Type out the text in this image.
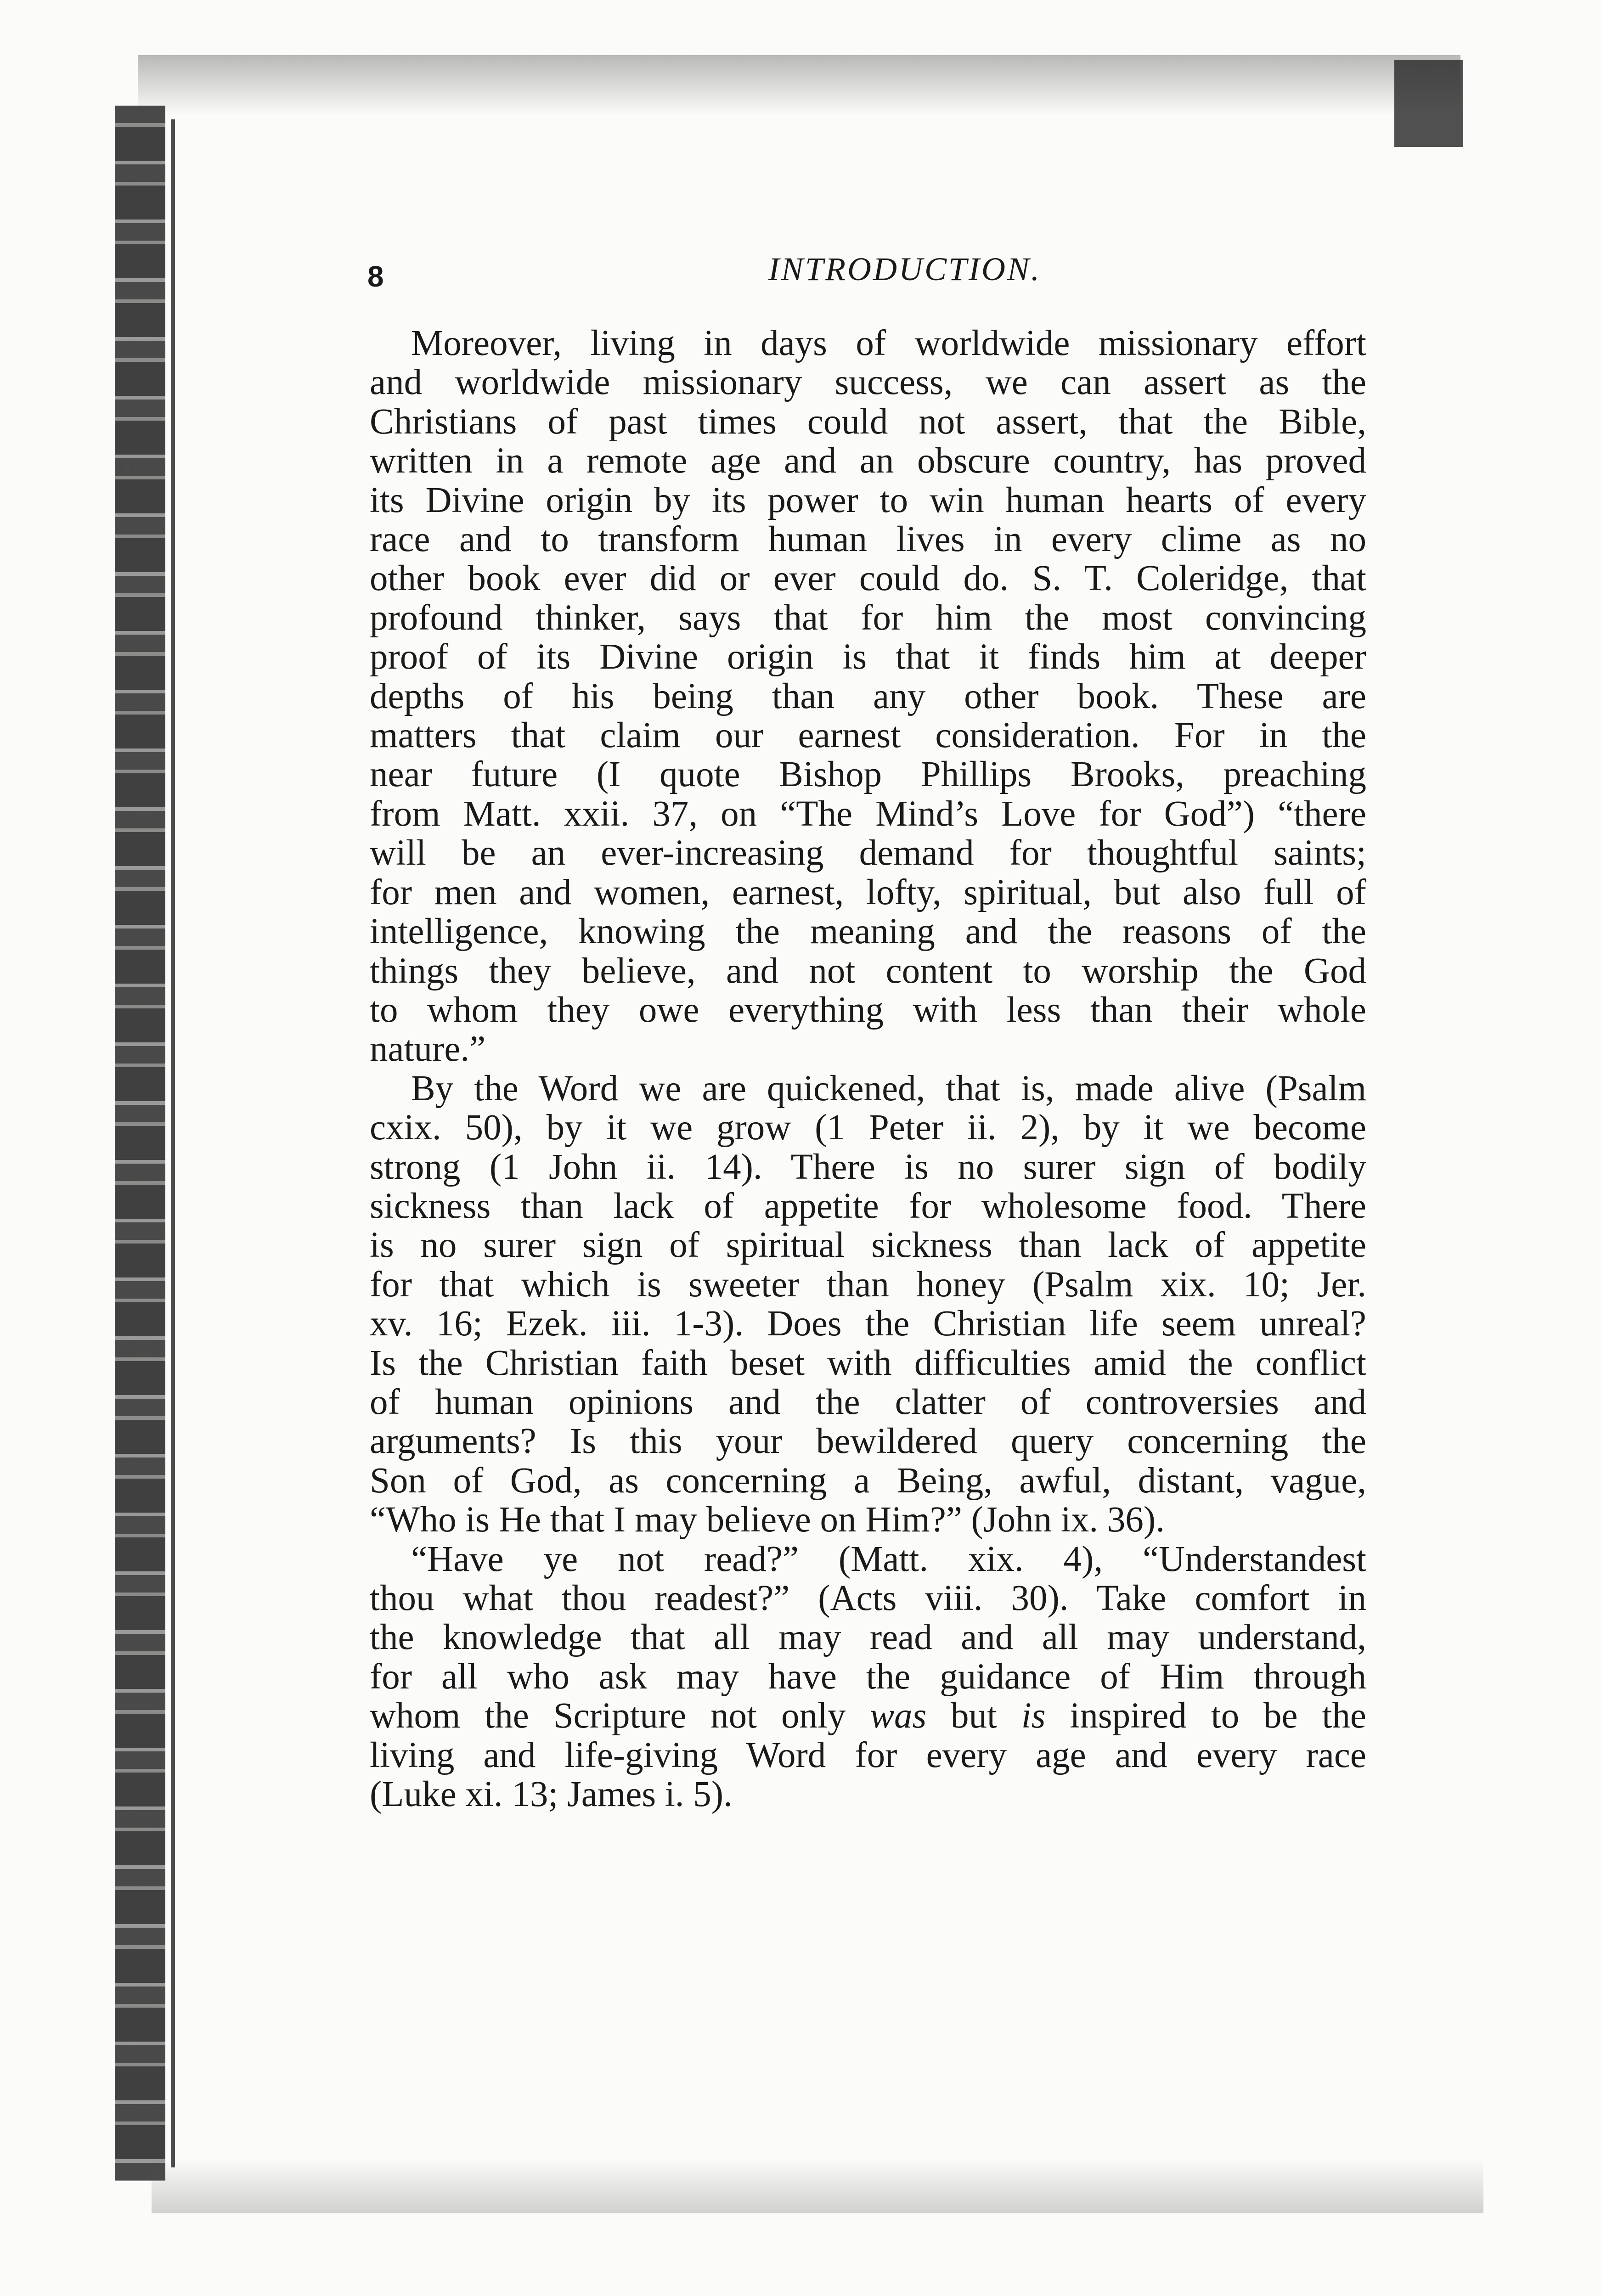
8	INTRODUCTION.
Moreover, living in days of worldwide missionary effort
and worldwide missionary success, we can assert as the
Christians of past times could not assert, that the Bible,
written in a remote age and an obscure country, has proved
its Divine origin by its power to win human hearts of every
race and to transform human lives in every clime as no
other book ever did or ever could do. S. T. Coleridge, that
profound thinker, says that for him the most convincing
proof of its Divine origin is that it finds him at deeper
depths of his being than any other book. These are
matters that claim our earnest consideration. For in the
near future (I quote Bishop Phillips Brooks, preaching
from Matt. xxii. 37, on “The Mind’s Love for God”) “there
will be an ever-increasing demand for thoughtful saints;
for men and women, earnest, lofty, spiritual, but also full of
intelligence, knowing the meaning and the reasons of the
things they believe, and not content to worship the God
to whom they owe everything with less than their whole
nature.”
By the Word we are quickened, that is, made alive (Psalm
cxix. 50), by it we grow (1 Peter ii. 2), by it we become
strong (1 John ii. 14). There is no surer sign of bodily
sickness than lack of appetite for wholesome food. There
is no surer sign of spiritual sickness than lack of appetite
for that which is sweeter than honey (Psalm xix. 10; Jer.
xv. 16; Ezek. iii. 1-3). Does the Christian life seem unreal?
Is the Christian faith beset with difficulties amid the conflict
of human opinions and the clatter of controversies and
arguments? Is this your bewildered query concerning the
Son of God, as concerning a Being, awful, distant, vague,
“Who is He that I may believe on Him?” (John ix. 36).
“Have ye not read?” (Matt. xix. 4), “Understandest
thou what thou readest?” (Acts viii. 30). Take comfort in
the knowledge that all may read and all may understand,
for all who ask may have the guidance of Him through
whom the Scripture not only was but is inspired to be the
living and life-giving Word for every age and every race
(Luke xi. 13; James i. 5).
